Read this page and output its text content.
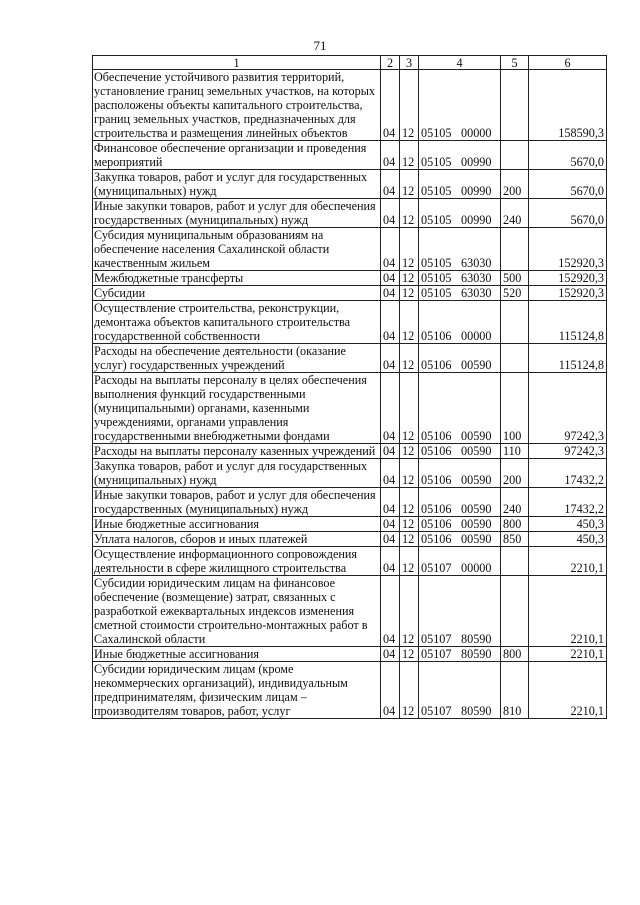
71
1	2	3	4	5	6
Обеспечение устойчивого развития территорий, установление границ земельных участков, на которых расположены объекты капитального строительства, границ земельных участков, предназначенных для строительства и размещения линейных объектов	04	12	05105 00000		158590,3
Финансовое обеспечение организации и проведения мероприятий	04	12	05105 00990		5670,0
Закупка товаров, работ и услуг для государственных (муниципальных) нужд	04	12	05105 00990	200	5670,0
Иные закупки товаров, работ и услуг для обеспечения государственных (муниципальных) нужд	04	12	05105 00990	240	5670,0
Субсидия муниципальным образованиям на обеспечение населения Сахалинской области качественным жильем	04	12	05105 63030		152920,3
Межбюджетные трансферты	04	12	05105 63030	500	152920,3
Субсидии	04	12	05105 63030	520	152920,3
Осуществление строительства, реконструкции, демонтажа объектов капитального строительства государственной собственности	04	12	05106 00000		115124,8
Расходы на обеспечение деятельности (оказание услуг) государственных учреждений	04	12	05106 00590		115124,8
Расходы на выплаты персоналу в целях обеспечения выполнения функций государственными (муниципальными) органами, казенными учреждениями, органами управления государственными внебюджетными фондами	04	12	05106 00590	100	97242,3
Расходы на выплаты персоналу казенных учреждений	04	12	05106 00590	110	97242,3
Закупка товаров, работ и услуг для государственных (муниципальных) нужд	04	12	05106 00590	200	17432,2
Иные закупки товаров, работ и услуг для обеспечения государственных (муниципальных) нужд	04	12	05106 00590	240	17432,2
Иные бюджетные ассигнования	04	12	05106 00590	800	450,3
Уплата налогов, сборов и иных платежей	04	12	05106 00590	850	450,3
Осуществление информационного сопровождения деятельности в сфере жилищного строительства	04	12	05107 00000		2210,1
Субсидии юридическим лицам на финансовое обеспечение (возмещение) затрат, связанных с разработкой ежеквартальных индексов изменения сметной стоимости строительно-монтажных работ в Сахалинской области	04	12	05107 80590		2210,1
Иные бюджетные ассигнования	04	12	05107 80590	800	2210,1
Субсидии юридическим лицам (кроме некоммерческих организаций), индивидуальным предпринимателям, физическим лицам – производителям товаров, работ, услуг	04	12	05107 80590	810	2210,1
